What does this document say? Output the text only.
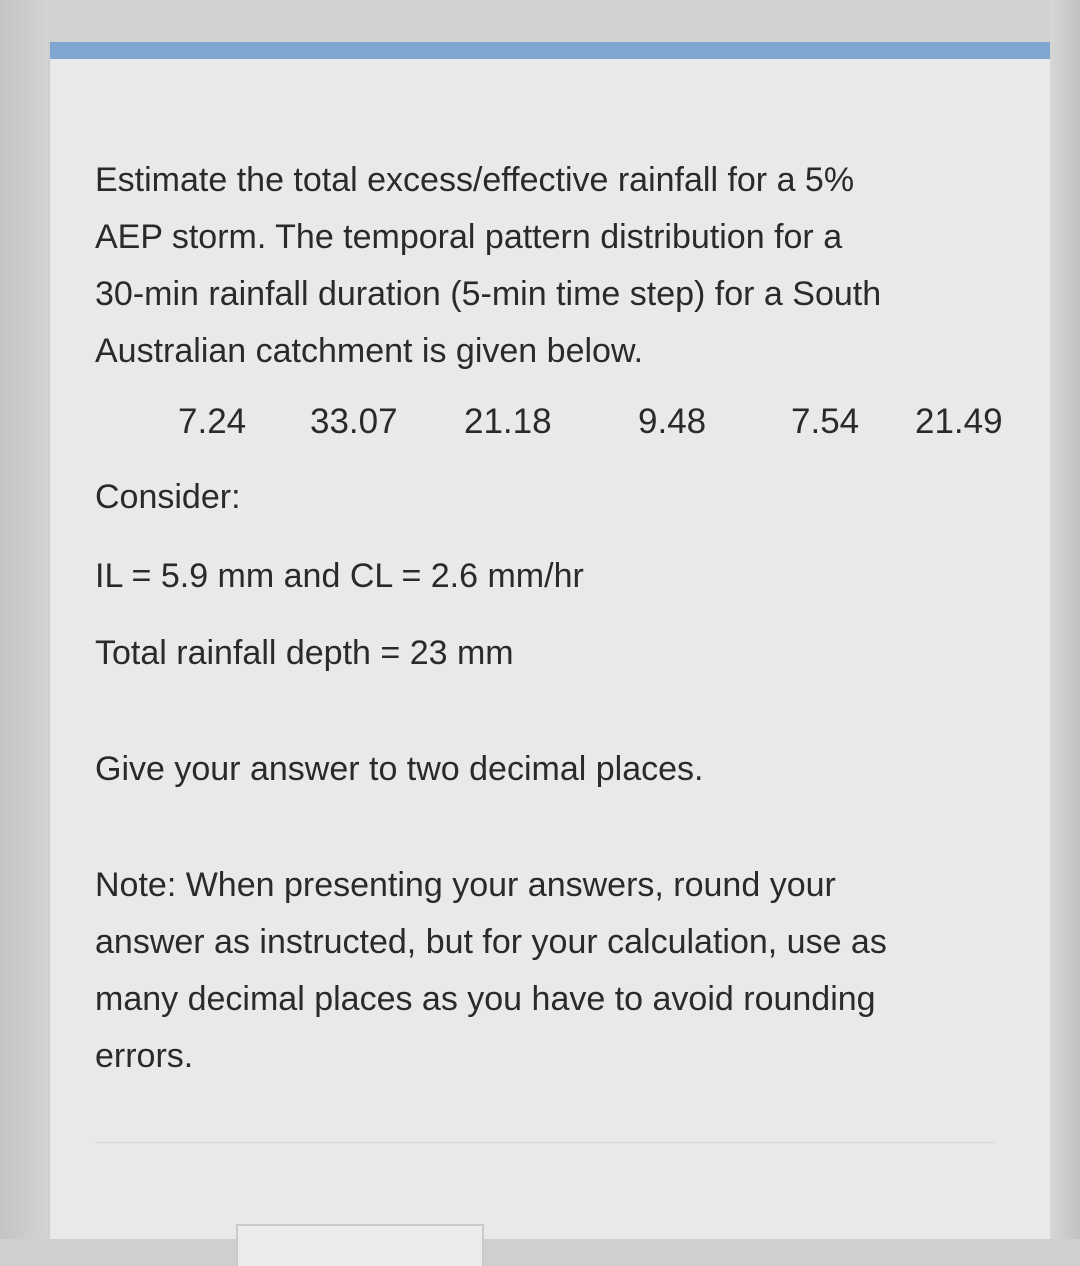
Estimate the total excess/effective rainfall for a 5%

AEP storm. The temporal pattern distribution for a

30-min rainfall duration (5-min time step) for a South

Australian catchment is given below.

7.24 33.07 21.18 9.48 7.54 21.49
Consider:
IL = 5.9 mm and CL = 2.6 mm/hr
Total rainfall depth = 23 mm
Give your answer to two decimal places.

Note: When presenting your answers, round your

answer as instructed, but for your calculation, use as

many decimal places as you have to avoid rounding

errors.
